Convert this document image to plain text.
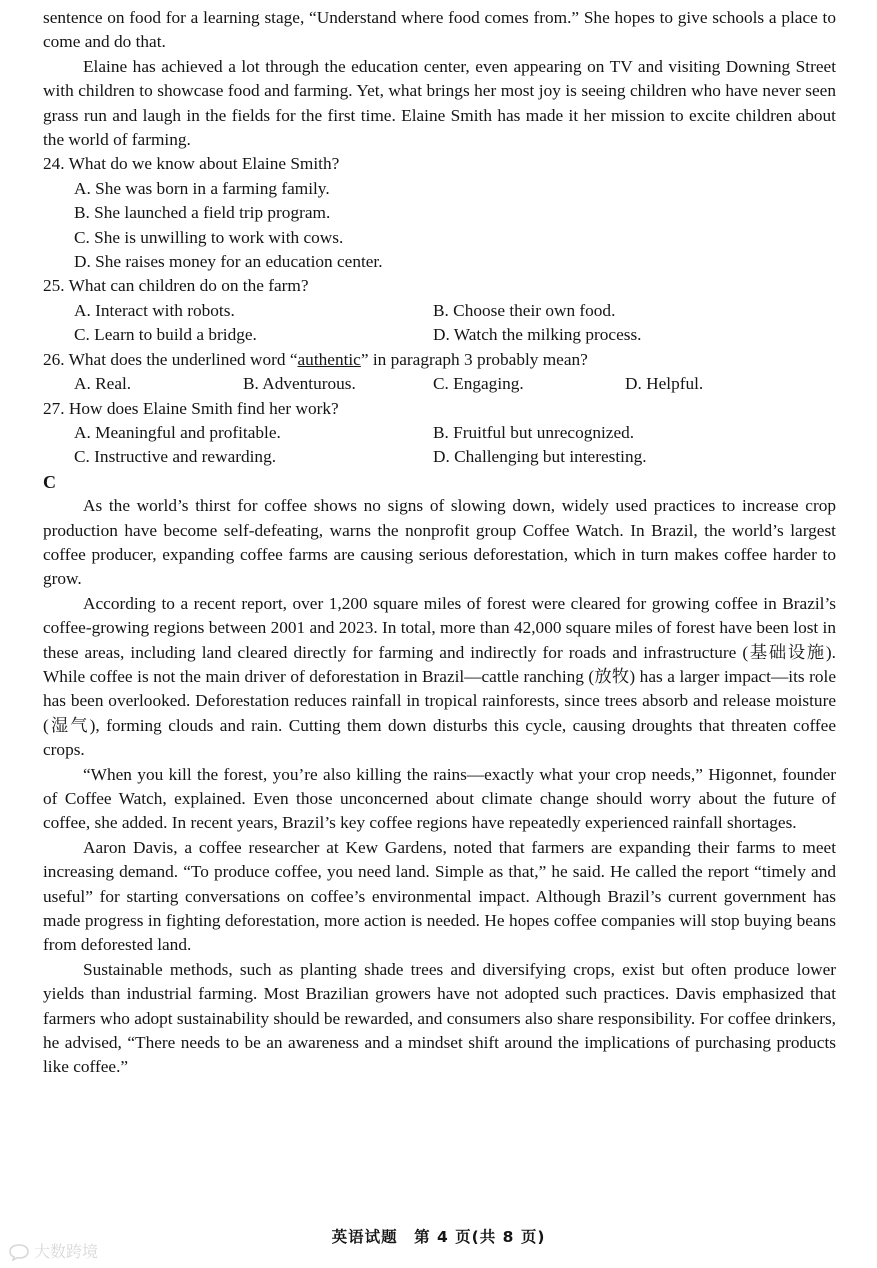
sentence on food for a learning stage, “Understand where food comes from.” She hopes to give schools a place to come and do that.

Elaine has achieved a lot through the education center, even appearing on TV and visiting Downing Street with children to showcase food and farming. Yet, what brings her most joy is seeing children who have never seen grass run and laugh in the fields for the first time. Elaine Smith has made it her mission to excite children about the world of farming.

24. What do we know about Elaine Smith?

A. She was born in a farming family.
B. She launched a field trip program.
C. She is unwilling to work with cows.
D. She raises money for an education center.

25. What can children do on the farm?

A. Interact with robots.	B. Choose their own food.
C. Learn to build a bridge.	D. Watch the milking process.

26. What does the underlined word “authentic” in paragraph 3 probably mean?

A. Real.	B. Adventurous.	C. Engaging.	D. Helpful.

27. How does Elaine Smith find her work?

A. Meaningful and profitable.	B. Fruitful but unrecognized.
C. Instructive and rewarding.	D. Challenging but interesting.

C

As the world’s thirst for coffee shows no signs of slowing down, widely used practices to increase crop production have become self-defeating, warns the nonprofit group Coffee Watch. In Brazil, the world’s largest coffee producer, expanding coffee farms are causing serious deforestation, which in turn makes coffee harder to grow.

According to a recent report, over 1,200 square miles of forest were cleared for growing coffee in Brazil’s coffee-growing regions between 2001 and 2023. In total, more than 42,000 square miles of forest have been lost in these areas, including land cleared directly for farming and indirectly for roads and infrastructure (基础设施). While coffee is not the main driver of deforestation in Brazil—cattle ranching (放牧) has a larger impact—its role has been overlooked. Deforestation reduces rainfall in tropical rainforests, since trees absorb and release moisture (湿气), forming clouds and rain. Cutting them down disturbs this cycle, causing droughts that threaten coffee crops.

“When you kill the forest, you’re also killing the rains—exactly what your crop needs,” Higonnet, founder of Coffee Watch, explained. Even those unconcerned about climate change should worry about the future of coffee, she added. In recent years, Brazil’s key coffee regions have repeatedly experienced rainfall shortages.

Aaron Davis, a coffee researcher at Kew Gardens, noted that farmers are expanding their farms to meet increasing demand. “To produce coffee, you need land. Simple as that,” he said. He called the report “timely and useful” for starting conversations on coffee’s environmental impact. Although Brazil’s current government has made progress in fighting deforestation, more action is needed. He hopes coffee companies will stop buying beans from deforested land.

Sustainable methods, such as planting shade trees and diversifying crops, exist but often produce lower yields than industrial farming. Most Brazilian growers have not adopted such practices. Davis emphasized that farmers who adopt sustainability should be rewarded, and consumers also share responsibility. For coffee drinkers, he advised, “There needs to be an awareness and a mindset shift around the implications of purchasing products like coffee.”

英语试题　第 4 页(共 8 页)
大数跨境
